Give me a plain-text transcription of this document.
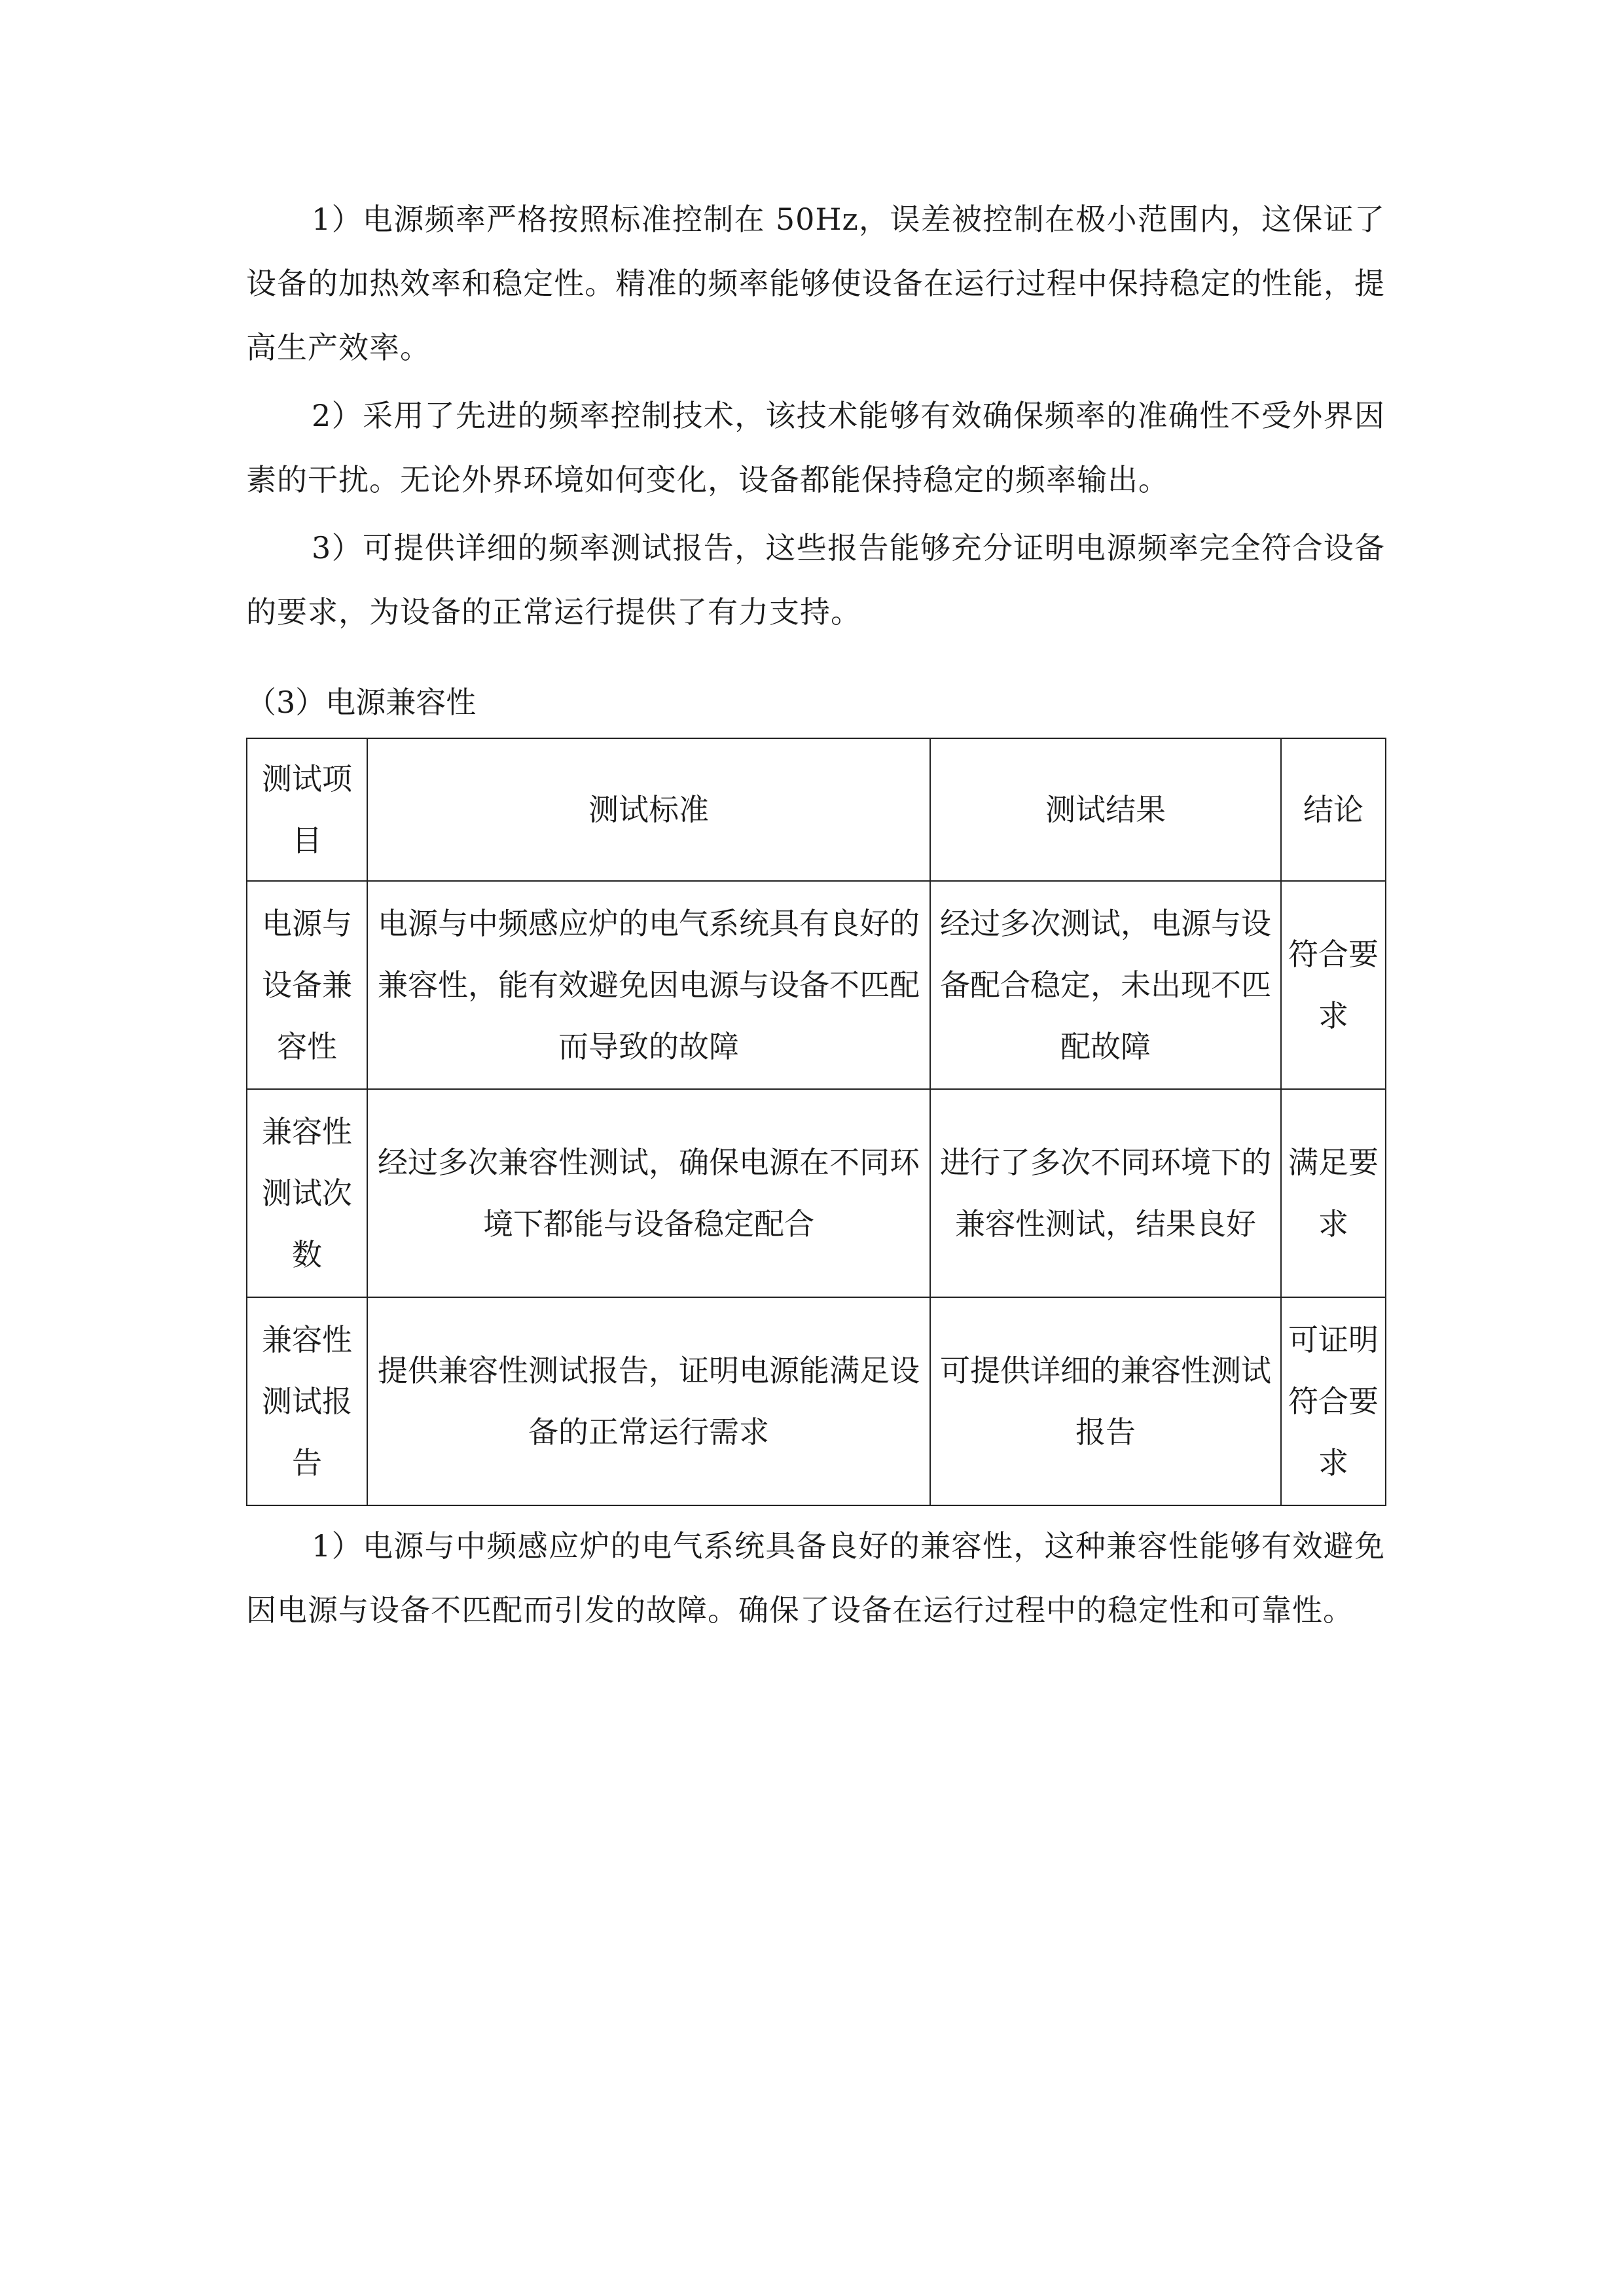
1）电源频率严格按照标准控制在 50Hz，误差被控制在极小范围内，这保证了设备的加热效率和稳定性。精准的频率能够使设备在运行过程中保持稳定的性能，提高生产效率。

2）采用了先进的频率控制技术，该技术能够有效确保频率的准确性不受外界因素的干扰。无论外界环境如何变化，设备都能保持稳定的频率输出。

3）可提供详细的频率测试报告，这些报告能够充分证明电源频率完全符合设备的要求，为设备的正常运行提供了有力支持。

（3）电源兼容性

测试项目	测试标准	测试结果	结论
电源与设备兼容性	电源与中频感应炉的电气系统具有良好的兼容性，能有效避免因电源与设备不匹配而导致的故障	经过多次测试，电源与设备配合稳定，未出现不匹配故障	符合要求
兼容性测试次数	经过多次兼容性测试，确保电源在不同环境下都能与设备稳定配合	进行了多次不同环境下的兼容性测试，结果良好	满足要求
兼容性测试报告	提供兼容性测试报告，证明电源能满足设备的正常运行需求	可提供详细的兼容性测试报告	可证明符合要求

1）电源与中频感应炉的电气系统具备良好的兼容性，这种兼容性能够有效避免因电源与设备不匹配而引发的故障。确保了设备在运行过程中的稳定性和可靠性。
